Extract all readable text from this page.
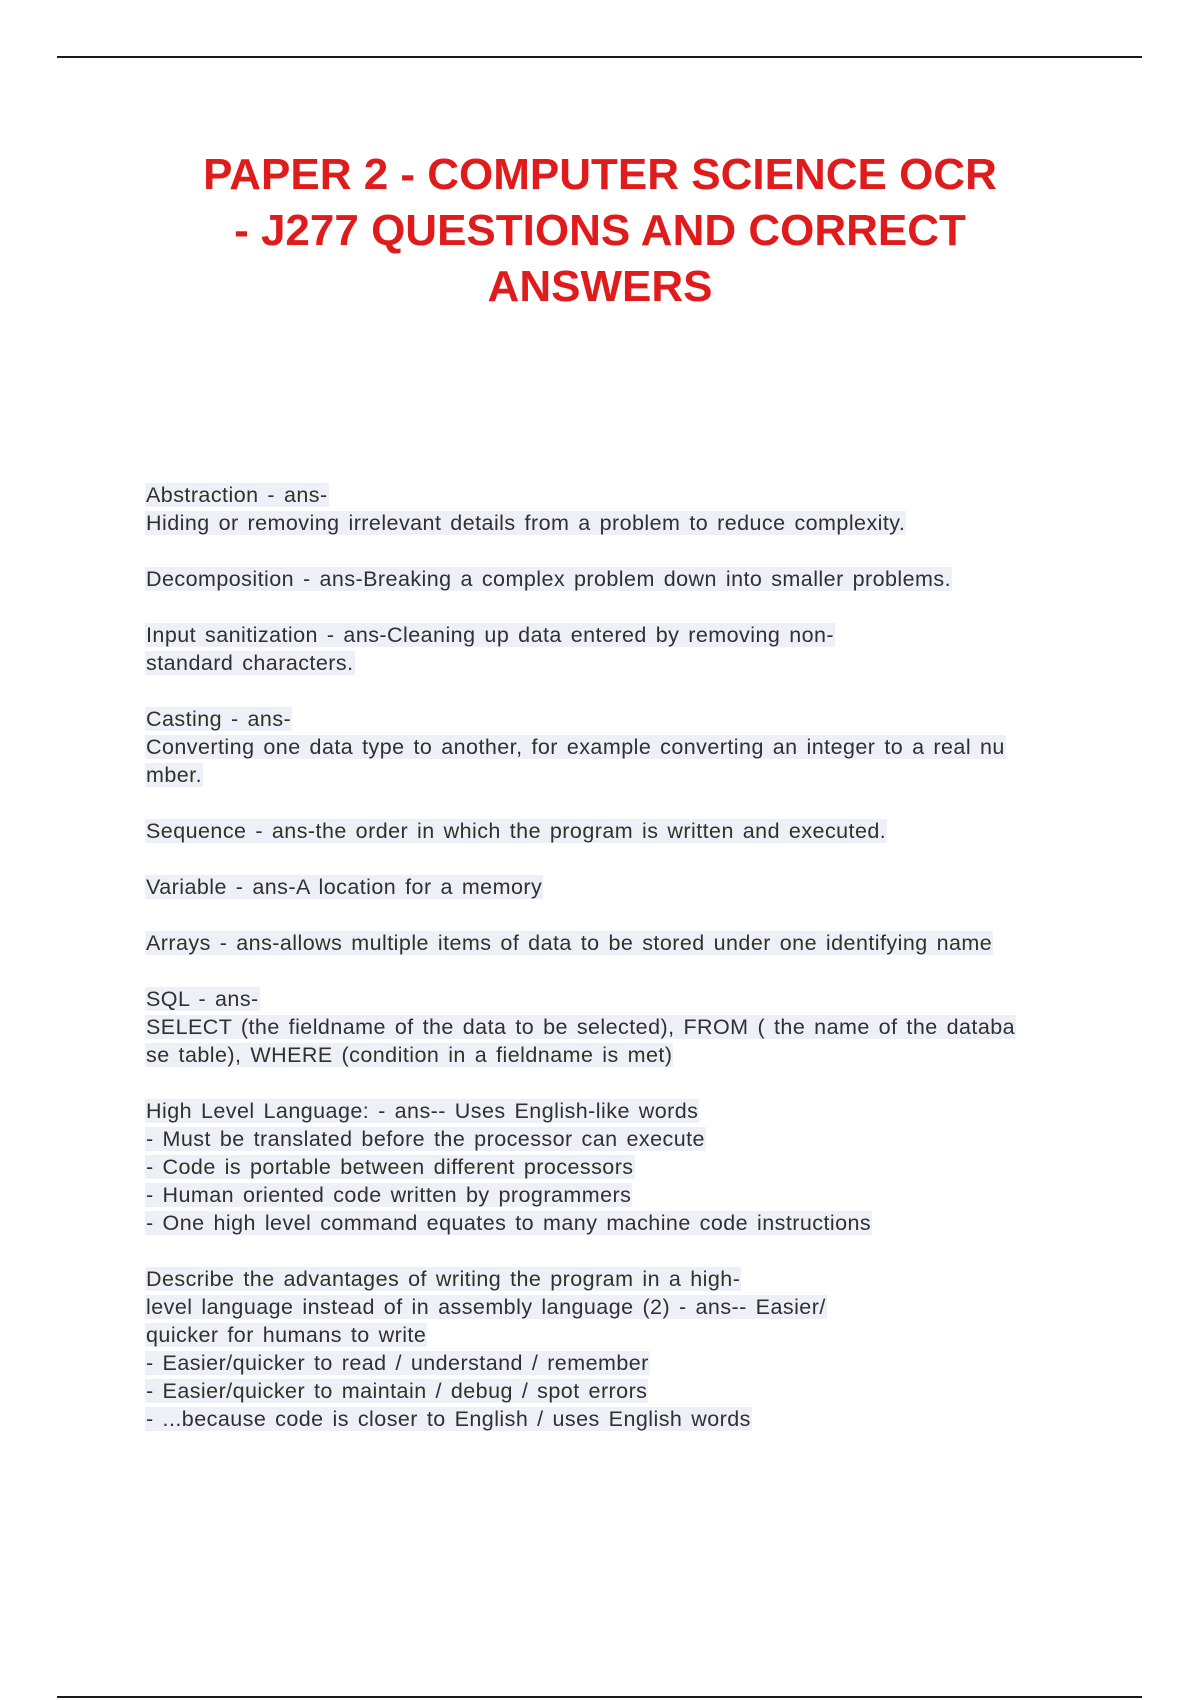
PAPER 2 - COMPUTER SCIENCE OCR
- J277 QUESTIONS AND CORRECT
ANSWERS
Abstraction - ans-
Hiding or removing irrelevant details from a problem to reduce complexity.
Decomposition - ans-Breaking a complex problem down into smaller problems.
Input sanitization - ans-Cleaning up data entered by removing non-
standard characters.
Casting - ans-
Converting one data type to another, for example converting an integer to a real nu
mber.
Sequence - ans-the order in which the program is written and executed.
Variable - ans-A location for a memory
Arrays - ans-allows multiple items of data to be stored under one identifying name
SQL - ans-
SELECT (the fieldname of the data to be selected), FROM ( the name of the databa
se table), WHERE (condition in a fieldname is met)
High Level Language: - ans-- Uses English-like words
- Must be translated before the processor can execute
- Code is portable between different processors
- Human oriented code written by programmers
- One high level command equates to many machine code instructions
Describe the advantages of writing the program in a high-
level language instead of in assembly language (2) - ans-- Easier/
quicker for humans to write
- Easier/quicker to read / understand / remember
- Easier/quicker to maintain / debug / spot errors
- ...because code is closer to English / uses English words
